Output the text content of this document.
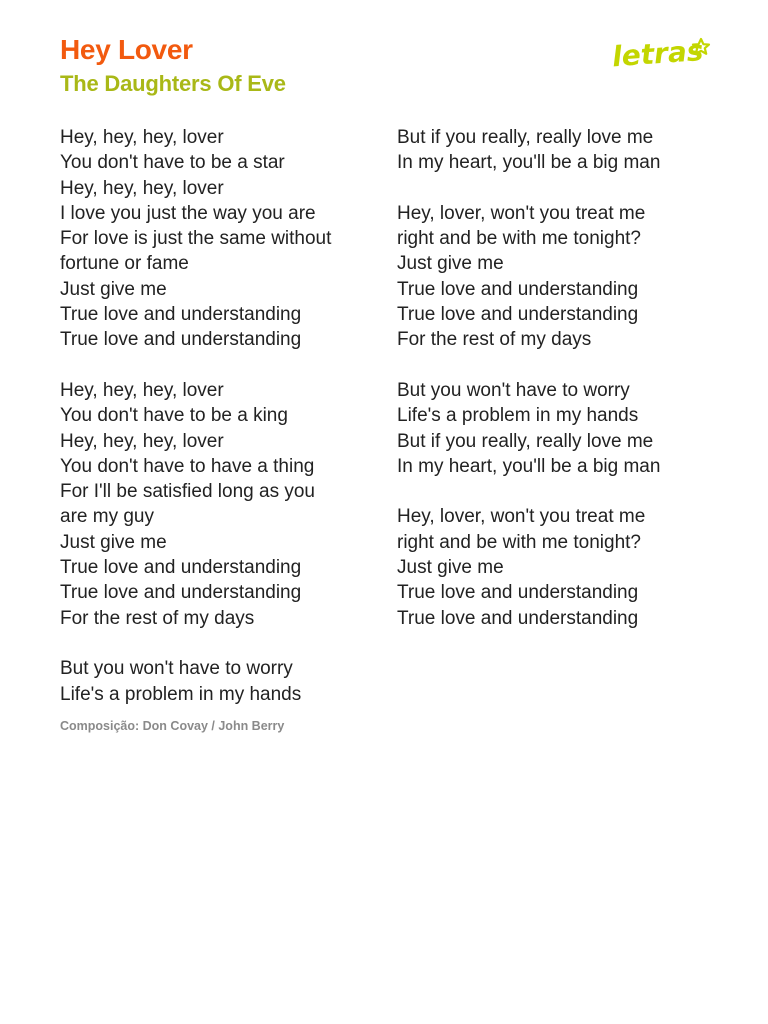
Hey Lover
The Daughters Of Eve
letras
Hey, hey, hey, lover
You don't have to be a star
Hey, hey, hey, lover
I love you just the way you are
For love is just the same without
fortune or fame
Just give me
True love and understanding
True love and understanding
Hey, hey, hey, lover
You don't have to be a king
Hey, hey, hey, lover
You don't have to have a thing
For I'll be satisfied long as you
are my guy
Just give me
True love and understanding
True love and understanding
For the rest of my days
But you won't have to worry
Life's a problem in my hands
But if you really, really love me
In my heart, you'll be a big man
Hey, lover, won't you treat me
right and be with me tonight?
Just give me
True love and understanding
True love and understanding
For the rest of my days
But you won't have to worry
Life's a problem in my hands
But if you really, really love me
In my heart, you'll be a big man
Hey, lover, won't you treat me
right and be with me tonight?
Just give me
True love and understanding
True love and understanding
Composição: Don Covay / John Berry
